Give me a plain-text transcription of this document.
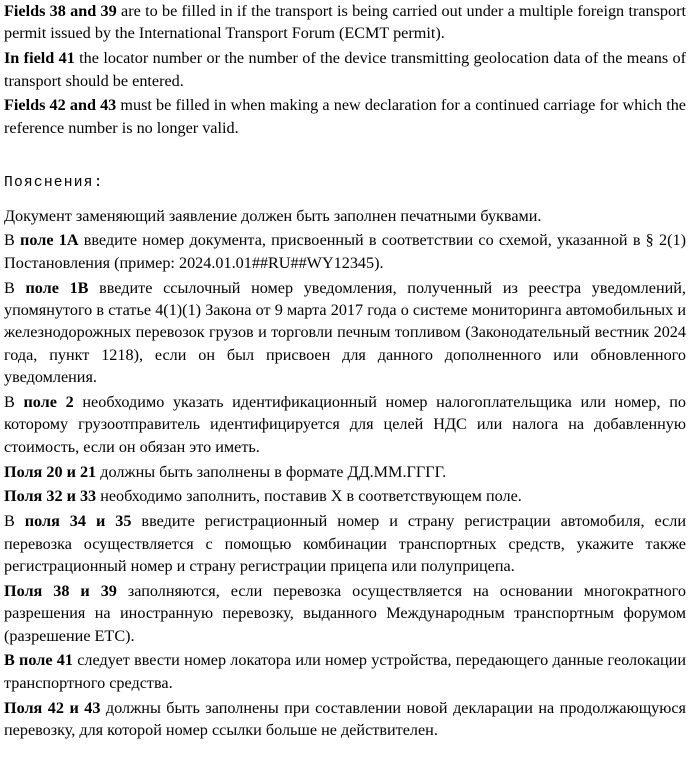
Fields 38 and 39 are to be filled in if the transport is being carried out under a multiple foreign transport permit issued by the International Transport Forum (ECMT permit).

In field 41 the locator number or the number of the device transmitting geolocation data of the means of transport should be entered.

Fields 42 and 43 must be filled in when making a new declaration for a continued carriage for which the reference number is no longer valid.

Пояснения:

Документ заменяющий заявление должен быть заполнен печатными буквами.

В поле 1А введите номер документа, присвоенный в соответствии со схемой, указанной в § 2(1) Постановления (пример: 2024.01.01##RU##WY12345).

В поле 1В введите ссылочный номер уведомления, полученный из реестра уведомлений, упомянутого в статье 4(1)(1) Закона от 9 марта 2017 года о системе мониторинга автомобильных и железнодорожных перевозок грузов и торговли печным топливом (Законодательный вестник 2024 года, пункт 1218), если он был присвоен для данного дополненного или обновленного уведомления.

В поле 2 необходимо указать идентификационный номер налогоплательщика или номер, по которому грузоотправитель идентифицируется для целей НДС или налога на добавленную стоимость, если он обязан это иметь.

Поля 20 и 21 должны быть заполнены в формате ДД.ММ.ГГГГ.

Поля 32 и 33 необходимо заполнить, поставив Х в соответствующем поле.

В поля 34 и 35 введите регистрационный номер и страну регистрации автомобиля, если перевозка осуществляется с помощью комбинации транспортных средств, укажите также регистрационный номер и страну регистрации прицепа или полуприцепа.

Поля 38 и 39 заполняются, если перевозка осуществляется на основании многократного разрешения на иностранную перевозку, выданного Международным транспортным форумом (разрешение ЕТС).

В поле 41 следует ввести номер локатора или номер устройства, передающего данные геолокации транспортного средства.

Поля 42 и 43 должны быть заполнены при составлении новой декларации на продолжающуюся перевозку, для которой номер ссылки больше не действителен.
